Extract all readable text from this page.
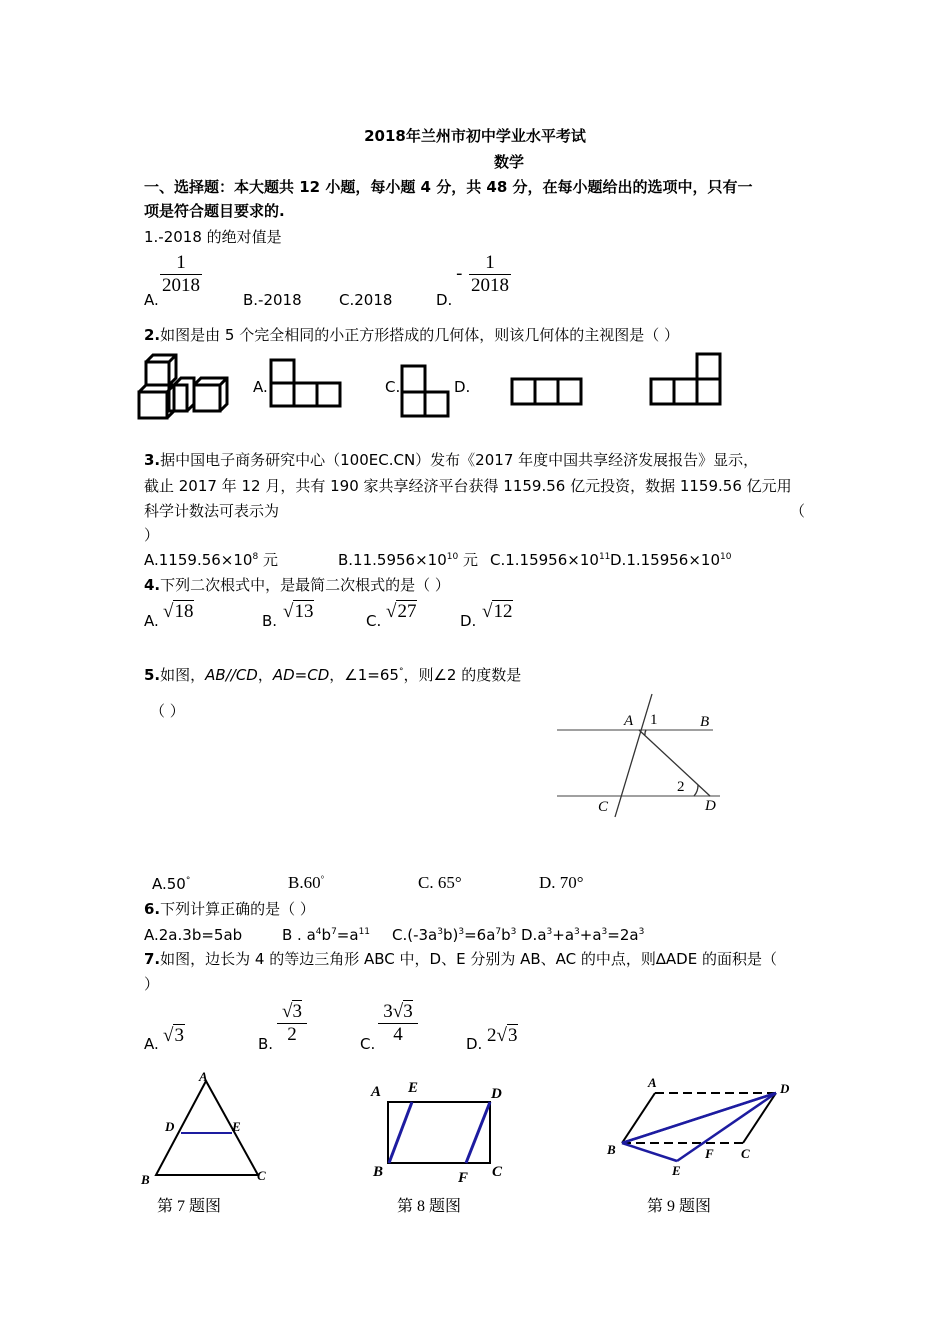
2018年兰州市初中学业水平考试
数学
一、选择题：本大题共 12 小题，每小题 4 分，共 48 分，在每小题给出的选项中，只有一
项是符合题目要求的.
1.-2018 的绝对值是
A.
$\frac{1}{2018}$
B.-2018 C.2018	D.
- $\frac{1}{2018}$
2.如图是由 5 个完全相同的小正方形搭成的几何体，则该几何体的主视图是（ ）
A.	C.	D.
3.据中国电子商务研究中心（100EC.CN）发布《2017 年度中国共享经济发展报告》显示，
截止 2017 年 12 月，共有 190 家共享经济平台获得 1159.56 亿元投资，数据 1159.56 亿元用
科学计数法可表示为	（
）
$A.1159.56\times 10^8$ 元	$B.11.5956\times 10^{10}$ 元 $C.1.15956\times 10^{11}$ $D.1.15956\times 10^{10}$
4.下列二次根式中，是最简二次根式的是（ ）
A. √18	B. √13	C. √27	D. √12
5.如图，AB//CD，AD=CD，∠1=65°，则∠2 的度数是
（ ）
A 1	B
2
C	D
A.50°	B.60°	C. 65°	D. 70°
6.下列计算正确的是（ ）
A.2a.3b=5ab	B . $a^4b^7=a^{11}$ $C.(-3a^3b)^3=6a^7b^3$ $D.a^3+a^3+a^3=2a^3$
7.如图，边长为 4 的等边三角形 ABC 中，D、E 分别为 AB、AC 的中点，则∆ADE 的面积是（
）
A. √3	B. $\frac{√3}{2}$	C. $\frac{3√3}{4}$	D. 2√3
A
D	E
B	C
第 7 题图
A E	D
B	F C
第 8 题图
A	D
B	F C
E
第 9 题图
